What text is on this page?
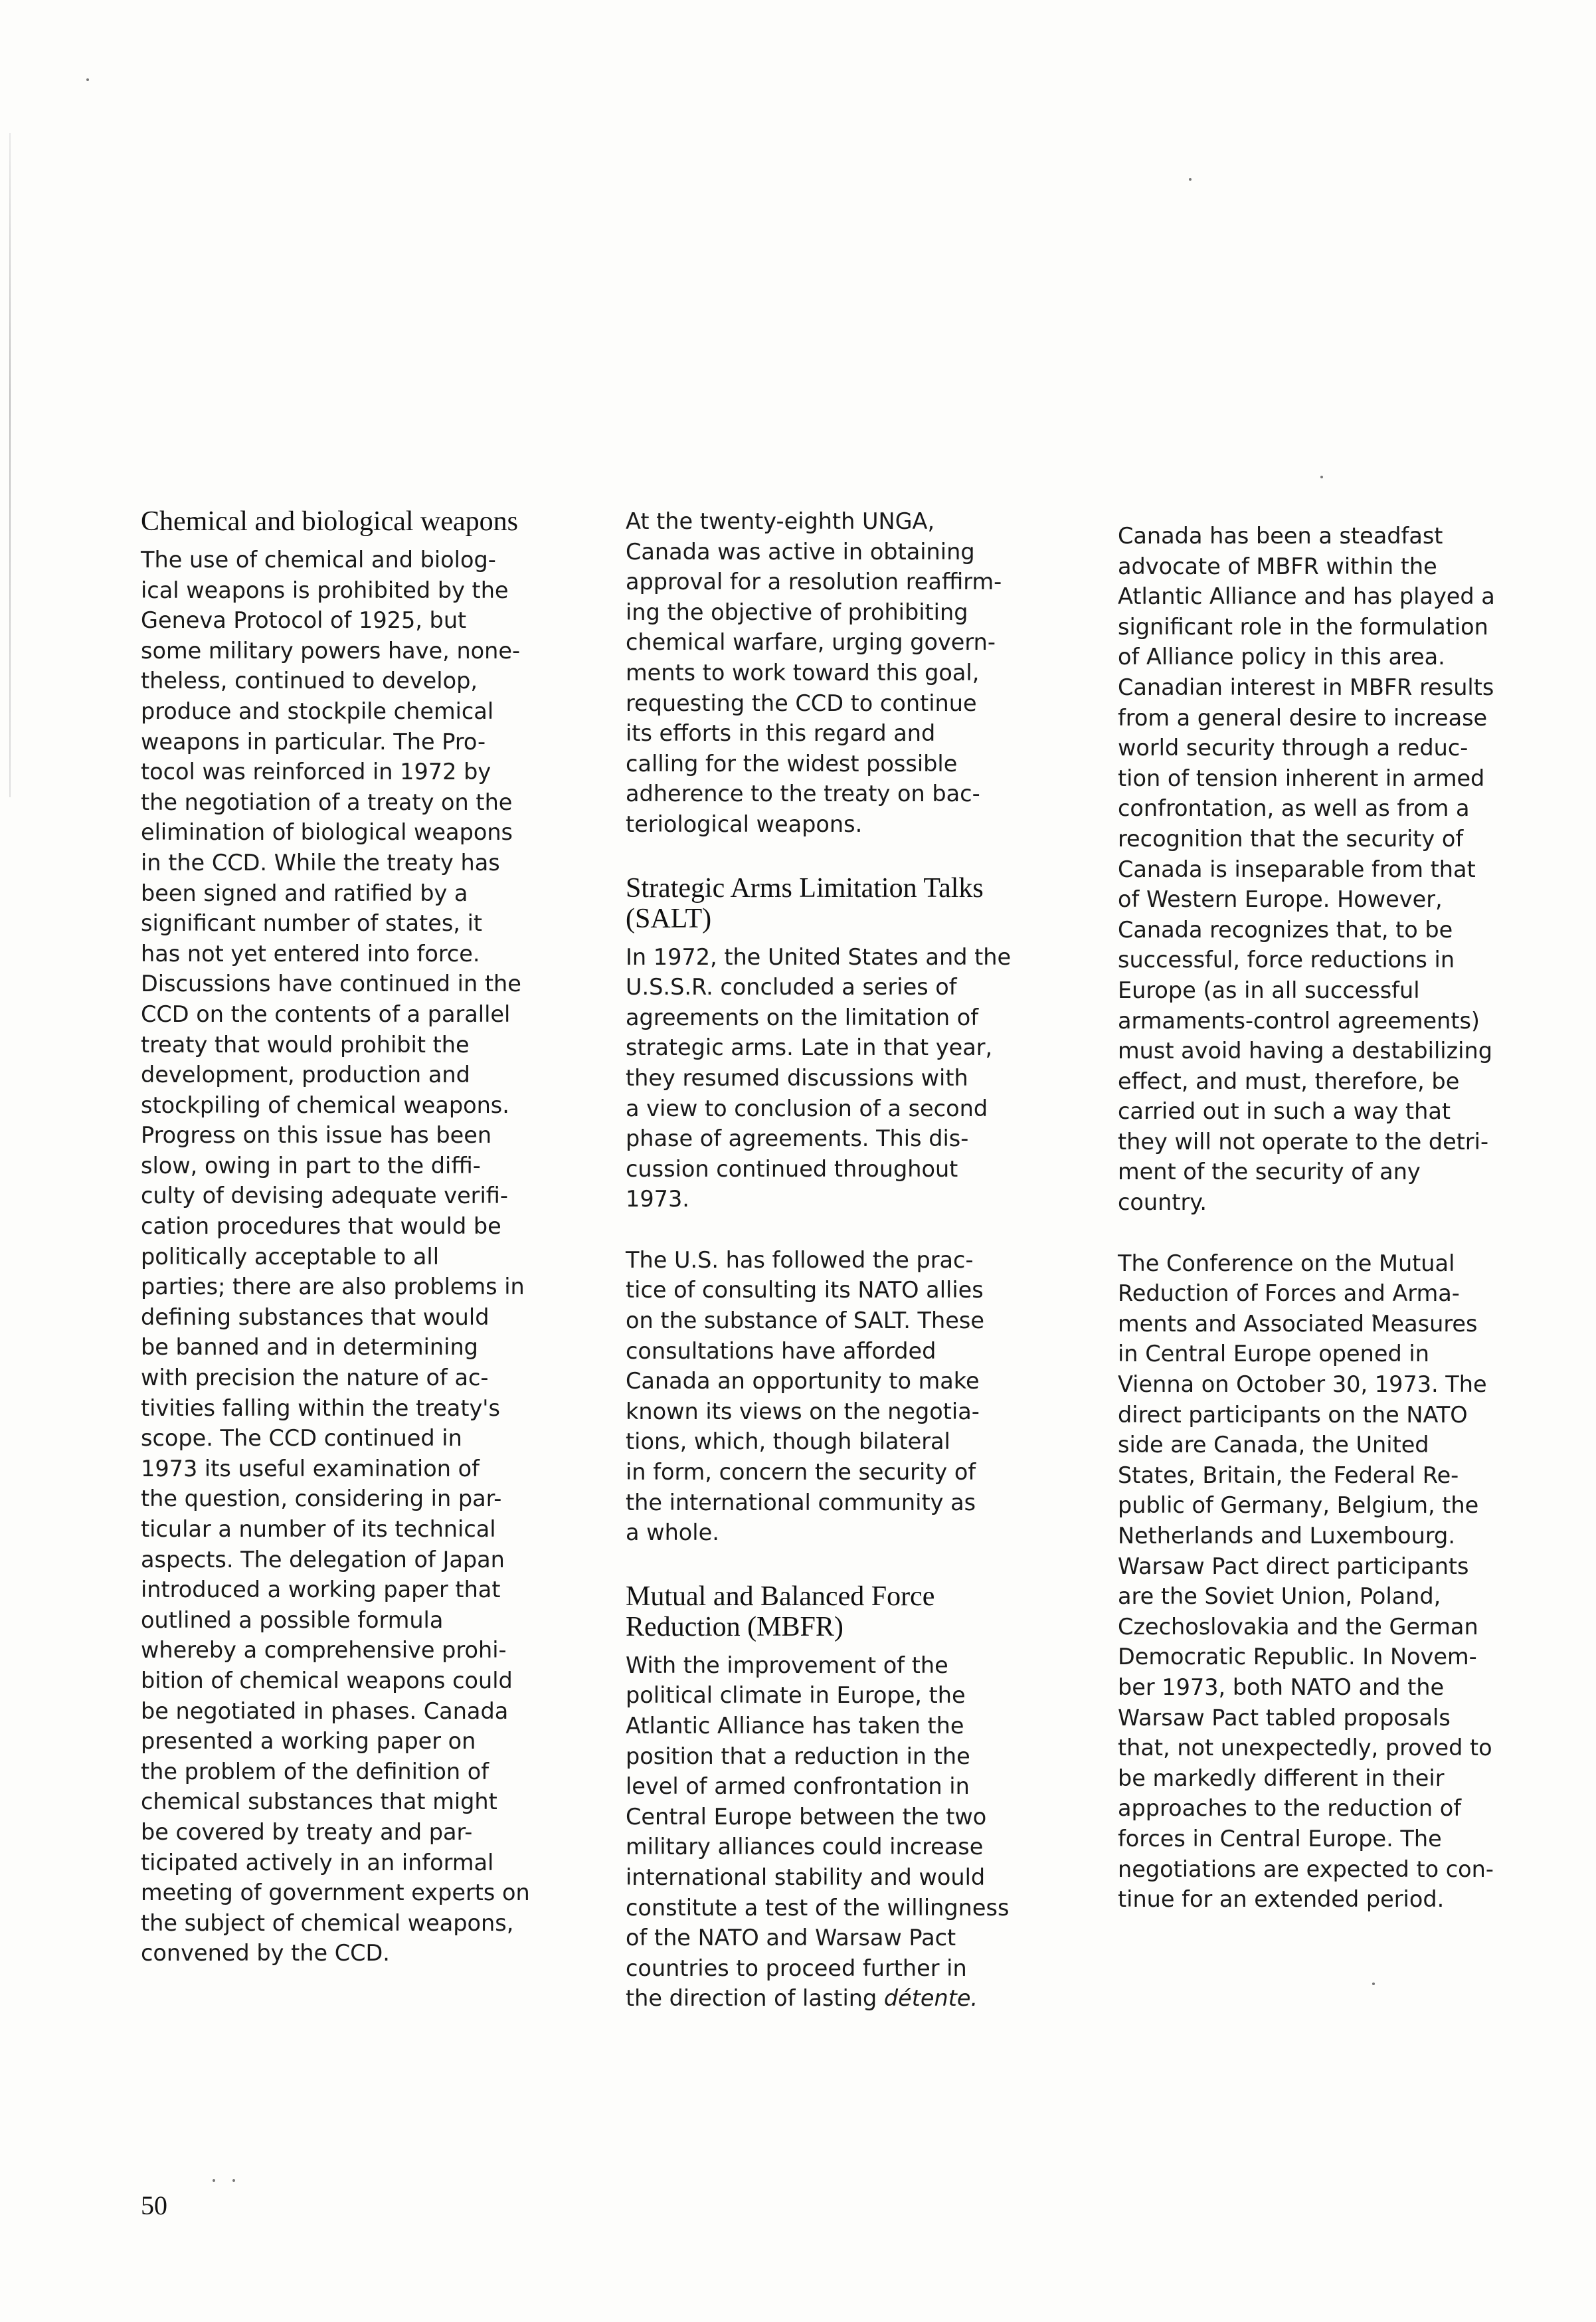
Chemical and biological weapons

The use of chemical and biolog-
ical weapons is prohibited by the
Geneva Protocol of 1925, but
some military powers have, none-
theless, continued to develop,
produce and stockpile chemical
weapons in particular. The Pro-
tocol was reinforced in 1972 by
the negotiation of a treaty on the
elimination of biological weapons
in the CCD. While the treaty has
been signed and ratified by a
significant number of states, it
has not yet entered into force.
Discussions have continued in the
CCD on the contents of a parallel
treaty that would prohibit the
development, production and
stockpiling of chemical weapons.
Progress on this issue has been
slow, owing in part to the diffi-
culty of devising adequate verifi-
cation procedures that would be
politically acceptable to all
parties; there are also problems in
defining substances that would
be banned and in determining
with precision the nature of ac-
tivities falling within the treaty's
scope. The CCD continued in
1973 its useful examination of
the question, considering in par-
ticular a number of its technical
aspects. The delegation of Japan
introduced a working paper that
outlined a possible formula
whereby a comprehensive prohi-
bition of chemical weapons could
be negotiated in phases. Canada
presented a working paper on
the problem of the definition of
chemical substances that might
be covered by treaty and par-
ticipated actively in an informal
meeting of government experts on
the subject of chemical weapons,
convened by the CCD.

At the twenty-eighth UNGA,
Canada was active in obtaining
approval for a resolution reaffirm-
ing the objective of prohibiting
chemical warfare, urging govern-
ments to work toward this goal,
requesting the CCD to continue
its efforts in this regard and
calling for the widest possible
adherence to the treaty on bac-
teriological weapons.

Strategic Arms Limitation Talks
(SALT)

In 1972, the United States and the
U.S.S.R. concluded a series of
agreements on the limitation of
strategic arms. Late in that year,
they resumed discussions with
a view to conclusion of a second
phase of agreements. This dis-
cussion continued throughout
1973.

The U.S. has followed the prac-
tice of consulting its NATO allies
on the substance of SALT. These
consultations have afforded
Canada an opportunity to make
known its views on the negotia-
tions, which, though bilateral
in form, concern the security of
the international community as
a whole.

Mutual and Balanced Force
Reduction (MBFR)

With the improvement of the
political climate in Europe, the
Atlantic Alliance has taken the
position that a reduction in the
level of armed confrontation in
Central Europe between the two
military alliances could increase
international stability and would
constitute a test of the willingness
of the NATO and Warsaw Pact
countries to proceed further in
the direction of lasting détente.

Canada has been a steadfast
advocate of MBFR within the
Atlantic Alliance and has played a
significant role in the formulation
of Alliance policy in this area.
Canadian interest in MBFR results
from a general desire to increase
world security through a reduc-
tion of tension inherent in armed
confrontation, as well as from a
recognition that the security of
Canada is inseparable from that
of Western Europe. However,
Canada recognizes that, to be
successful, force reductions in
Europe (as in all successful
armaments-control agreements)
must avoid having a destabilizing
effect, and must, therefore, be
carried out in such a way that
they will not operate to the detri-
ment of the security of any
country.

The Conference on the Mutual
Reduction of Forces and Arma-
ments and Associated Measures
in Central Europe opened in
Vienna on October 30, 1973. The
direct participants on the NATO
side are Canada, the United
States, Britain, the Federal Re-
public of Germany, Belgium, the
Netherlands and Luxembourg.
Warsaw Pact direct participants
are the Soviet Union, Poland,
Czechoslovakia and the German
Democratic Republic. In Novem-
ber 1973, both NATO and the
Warsaw Pact tabled proposals
that, not unexpectedly, proved to
be markedly different in their
approaches to the reduction of
forces in Central Europe. The
negotiations are expected to con-
tinue for an extended period.

50
